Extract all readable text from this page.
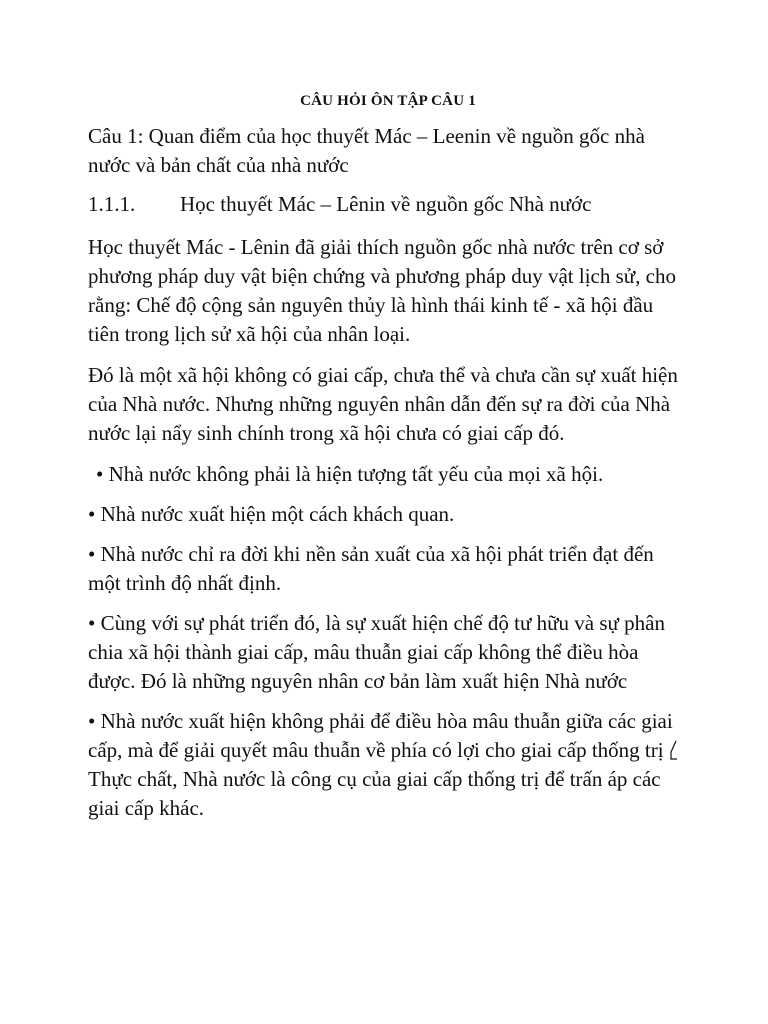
CÂU HỎI ÔN TẬP CÂU 1
Câu 1: Quan điểm của học thuyết Mác – Leenin về nguồn gốc nhà nước và bản chất của nhà nước
1.1.1.	Học thuyết Mác – Lênin về nguồn gốc Nhà nước
Học thuyết Mác - Lênin đã giải thích nguồn gốc nhà nước trên cơ sở phương pháp duy vật biện chứng và phương pháp duy vật lịch sử, cho rằng: Chế độ cộng sản nguyên thủy là hình thái kinh tế - xã hội đầu tiên trong lịch sử xã hội của nhân loại.
Đó là một xã hội không có giai cấp, chưa thể và chưa cần sự xuất hiện của Nhà nước. Nhưng những nguyên nhân dẫn đến sự ra đời của Nhà nước lại nẩy sinh chính trong xã hội chưa có giai cấp đó.
• Nhà nước không phải là hiện tượng tất yếu của mọi xã hội.
• Nhà nước xuất hiện một cách khách quan.
• Nhà nước chỉ ra đời khi nền sản xuất của xã hội phát triển đạt đến một trình độ nhất định.
• Cùng với sự phát triển đó, là sự xuất hiện chế độ tư hữu và sự phân chia xã hội thành giai cấp, mâu thuẫn giai cấp không thể điều hòa được. Đó là những nguyên nhân cơ bản làm xuất hiện Nhà nước
• Nhà nước xuất hiện không phải để điều hòa mâu thuẫn giữa các giai cấp, mà để giải quyết mâu thuẫn về phía có lợi cho giai cấp thống trị  Thực chất, Nhà nước là công cụ của giai cấp thống trị để trấn áp các giai cấp khác.
